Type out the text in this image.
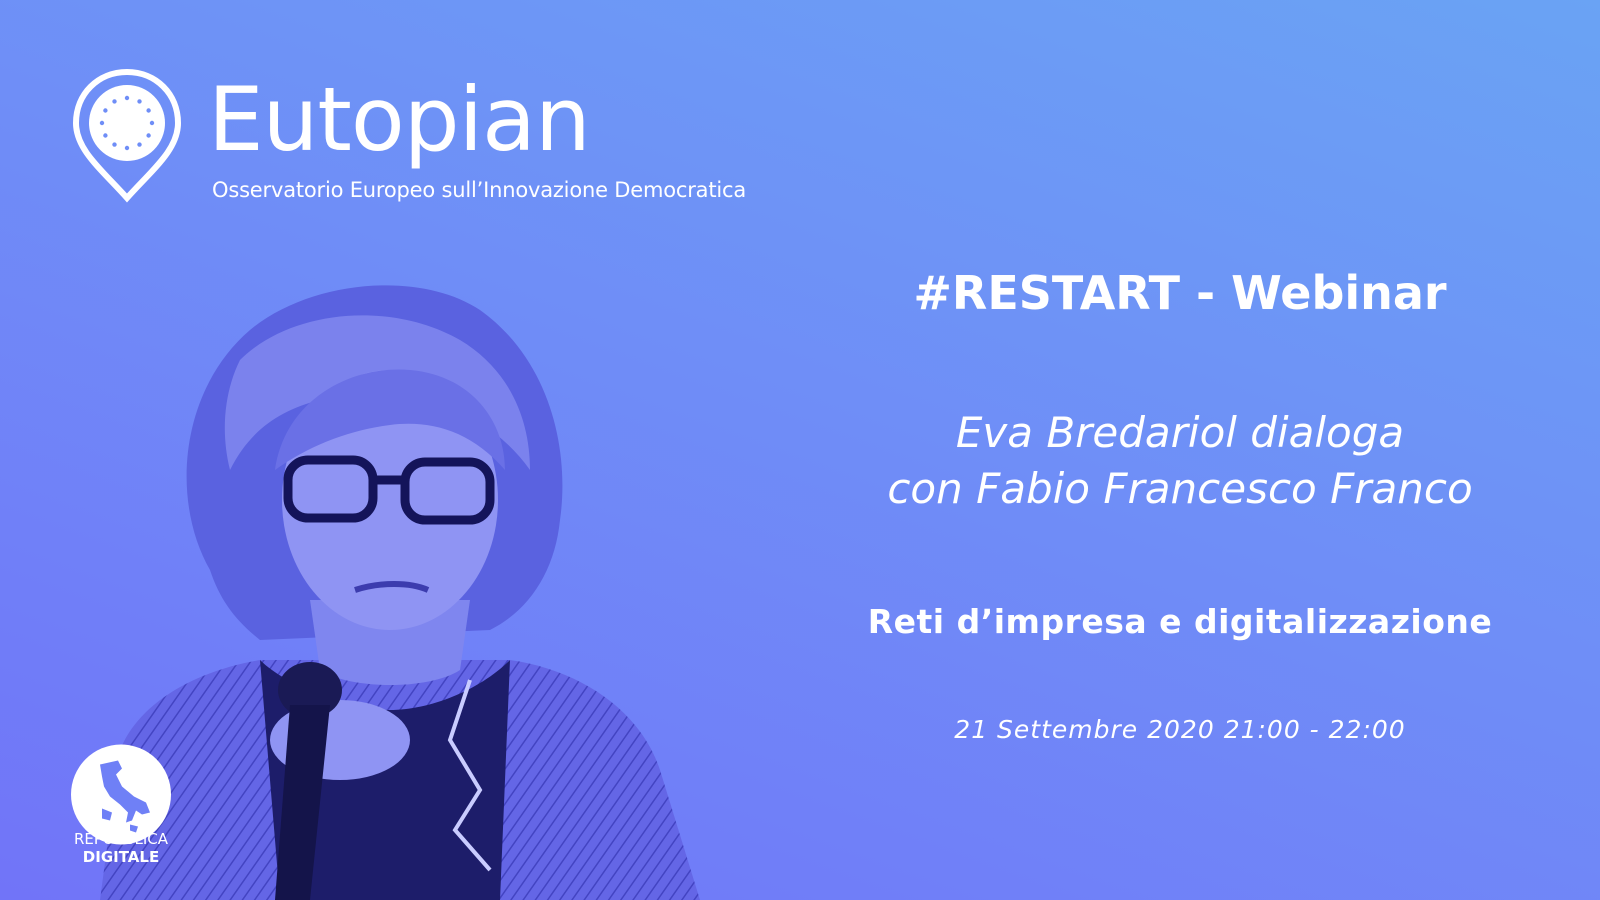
Eutopian
Osservatorio Europeo sull’Innovazione Democratica
#RESTART - Webinar
Eva Bredariol dialoga
con Fabio Francesco Franco
Reti d’impresa e digitalizzazione
21 Settembre 2020 21:00 - 22:00
REPUBBLICA
DIGITALE
